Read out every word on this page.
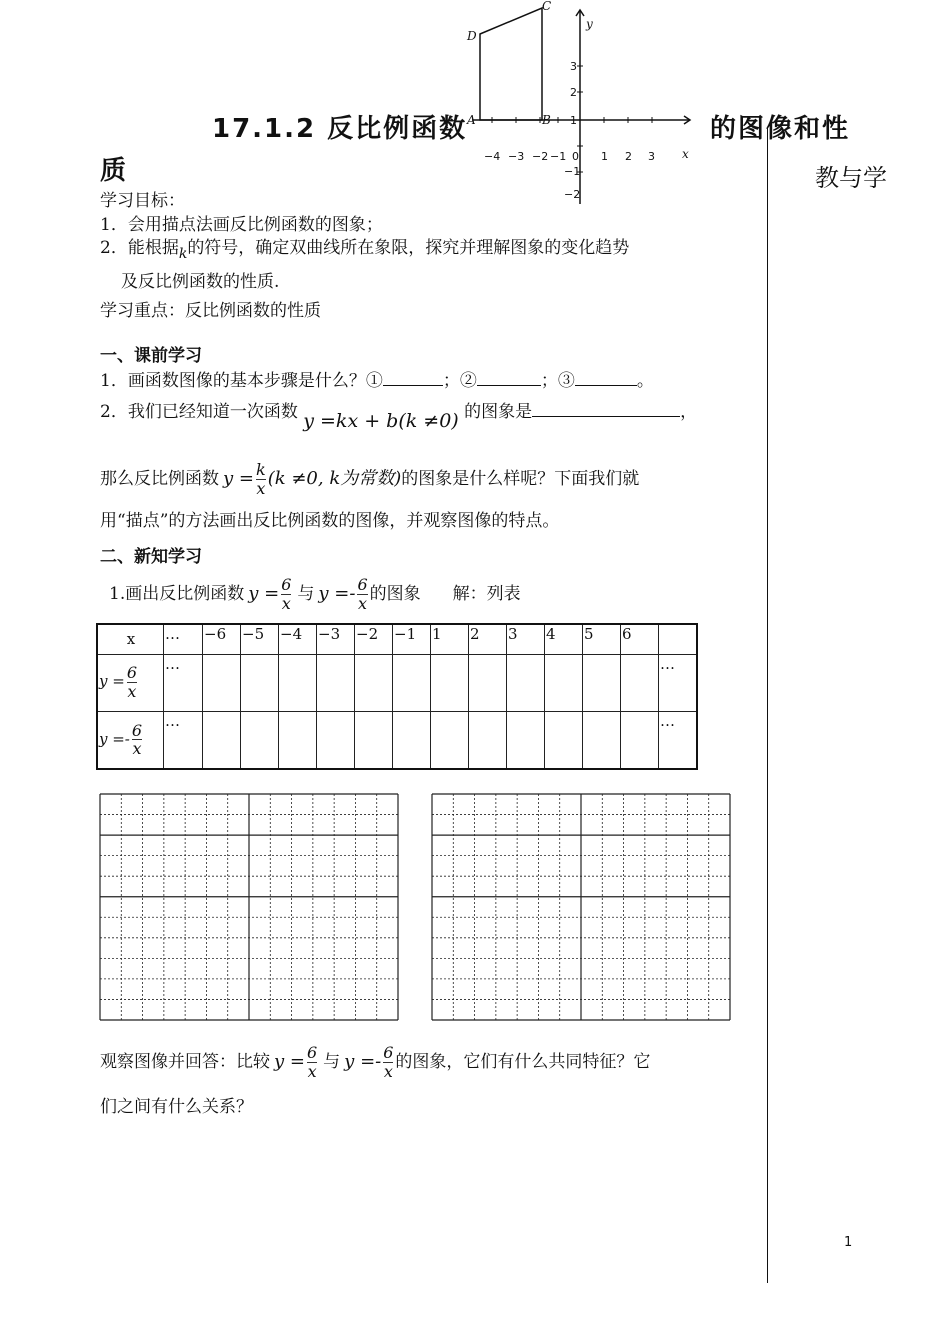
教与学
D
C
A	B
y
x
−4 −3 −2 −1 0 1 2 3
3
2
1
−1
−2
17.1.2 反比例函数	的图像和性
质
学习目标：
1．会用描点法画反比例函数的图象；
2．能根据$_k$的符号，确定双曲线所在象限，探究并理解图象的变化趋势
及反比例函数的性质.
学习重点：反比例函数的性质
一、课前学习
1．画函数图像的基本步骤是什么？①	；②	；③	。
2．我们已经知道一次函数 y =kx + b(k ≠0) 的图象是	，
那么反比例函数 $y = \frac{k}{x} (k \ne 0$, k为常数) 的图象是什么样呢？下面我们就
用“描点”的方法画出反比例函数的图像，并观察图像的特点。
二、新知学习
1.画出反比例函数 $y = \frac{6}{x}$ 与 $y =- \frac{6}{x}$ 的图象 解：列表
x	…	−6	−5	−4	−3	−2	−1	1	2	3	4	5	6	
$y = \frac{6}{x}$	…													…
$y =- \frac{6}{x}$	…													…
观察图像并回答：比较 $y = \frac{6}{x}$ 与 $y =- \frac{6}{x}$ 的图象，它们有什么共同特征？它
们之间有什么关系？
1
